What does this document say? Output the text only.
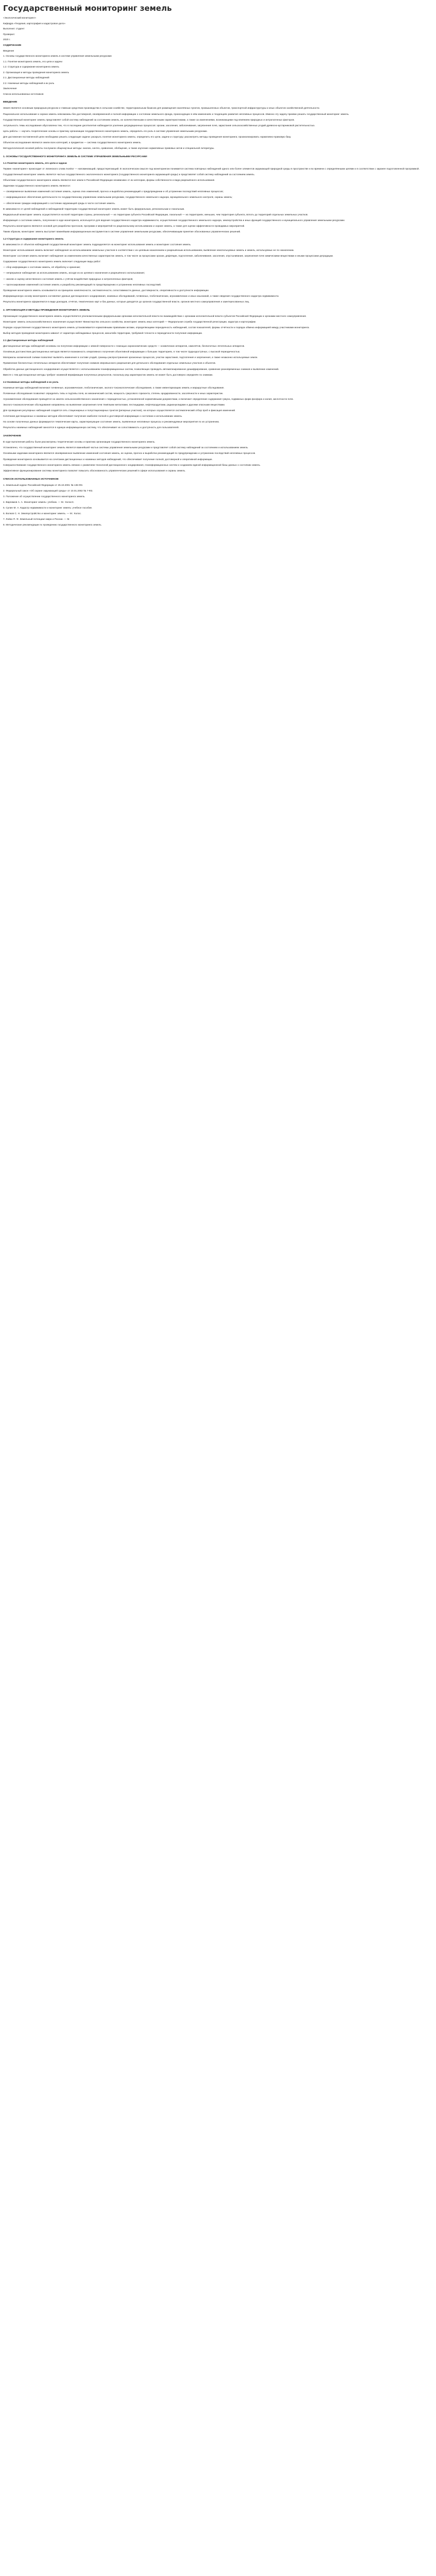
Государственный мониторинг земель

«Экологический мониторинг»

Кафедра «Геодезия, картография и кадастровое дело»

Выполнил: студент

Проверил:

2020 г.

СОДЕРЖАНИЕ

Введение

1. Основы государственного мониторинга земель в системе управления земельными ресурсами

1.1. Понятие мониторинга земель, его цели и задачи

1.2. Структура и содержание мониторинга земель

2. Организация и методы проведения мониторинга земель

2.1. Дистанционные методы наблюдений

2.2. Наземные методы наблюдений и их роль

Заключение

Список использованных источников

ВВЕДЕНИЕ

Земля является основным природным ресурсом и главным средством производства в сельском хозяйстве, территориальным базисом для размещения населённых пунктов, промышленных объектов, транспортной инфраструктуры и иных объектов хозяйственной деятельности.

Рациональное использование и охрана земель невозможны без достоверной, своевременной и полной информации о состоянии земельного фонда, происходящих в нём изменениях и тенденциях развития негативных процессов. Именно эту задачу призван решать государственный мониторинг земель.

Государственный мониторинг земель представляет собой систему наблюдений за состоянием земель, их количественными и качественными характеристиками, а также за изменениями, возникающими под влиянием природных и антропогенных факторов.

Актуальность темы исследования обусловлена тем, что в последние десятилетия наблюдается усиление деградационных процессов: эрозии, засоления, заболачивания, загрязнения почв, зарастания сельскохозяйственных угодий древесно-кустарниковой растительностью.

Цель работы — изучить теоретические основы и практику организации государственного мониторинга земель, определить его роль в системе управления земельными ресурсами.

Для достижения поставленной цели необходимо решить следующие задачи: раскрыть понятие мониторинга земель; определить его цели, задачи и структуру; рассмотреть методы проведения мониторинга; проанализировать нормативно-правовую базу.

Объектом исследования являются земли всех категорий, а предметом — система государственного мониторинга земель.

Методологической основой работы послужили общенаучные методы: анализ, синтез, сравнение, обобщение, а также изучение нормативных правовых актов и специальной литературы.

1. ОСНОВЫ ГОСУДАРСТВЕННОГО МОНИТОРИНГА ЗЕМЕЛЬ В СИСТЕМЕ УПРАВЛЕНИЯ ЗЕМЕЛЬНЫМИ РЕСУРСАМИ
1.1 Понятие мониторинга земель, его цели и задачи

Термин «мониторинг» происходит от латинского слова monitor — напоминающий, предостерегающий. В экологическом смысле под мониторингом понимается система повторных наблюдений одного или более элементов окружающей природной среды в пространстве и во времени с определёнными целями и в соответствии с заранее подготовленной программой.

Государственный мониторинг земель является частью государственного экологического мониторинга (государственного мониторинга окружающей среды) и представляет собой систему наблюдений за состоянием земель.

Объектами государственного мониторинга земель являются все земли в Российской Федерации независимо от их категории, формы собственности и вида разрешённого использования.

Задачами государственного мониторинга земель являются:

— своевременное выявление изменений состояния земель, оценка этих изменений, прогноз и выработка рекомендаций о предупреждении и об устранении последствий негативных процессов;

— информационное обеспечение деятельности по государственному управлению земельными ресурсами, государственного земельного надзора, муниципального земельного контроля, охраны земель;

— обеспечение граждан информацией о состоянии окружающей среды в части состояния земель.

В зависимости от целей наблюдений и наблюдаемой территории государственный мониторинг земель может быть федеральным, региональным и локальным.

Федеральный мониторинг земель осуществляется на всей территории страны, региональный — на территории субъекта Российской Федерации, локальный — на территориях, меньших, чем территория субъекта, вплоть до территорий отдельных земельных участков.

Информация о состоянии земель, полученная в ходе мониторинга, используется для ведения государственного кадастра недвижимости, осуществления государственного земельного надзора, землеустройства и иных функций государственного и муниципального управления земельными ресурсами.

Результаты мониторинга являются основой для разработки прогнозов, программ и мероприятий по рациональному использованию и охране земель, а также для оценки эффективности проводимых мероприятий.

Таким образом, мониторинг земель выступает важнейшим информационным инструментом в системе управления земельными ресурсами, обеспечивающим принятие обоснованных управленческих решений.

1.2 Структура и содержание мониторинга земель

В зависимости от объектов наблюдений государственный мониторинг земель подразделяется на мониторинг использования земель и мониторинг состояния земель.

Мониторинг использования земель включает наблюдения за использованием земельных участков в соответствии с их целевым назначением и разрешённым использованием, выявление неиспользуемых земель и земель, используемых не по назначению.

Мониторинг состояния земель включает наблюдения за изменением качественных характеристик земель, в том числе за процессами эрозии, дефляции, подтопления, заболачивания, засоления, опустынивания, загрязнения почв химическими веществами и иными процессами деградации.

Содержание государственного мониторинга земель включает следующие виды работ:

— сбор информации о состоянии земель, её обработку и хранение;

— непрерывное наблюдение за использованием земель, исходя из их целевого назначения и разрешённого использования;

— анализ и оценку качественного состояния земель с учётом воздействия природных и антропогенных факторов;

— прогнозирование изменений состояния земель и разработку рекомендаций по предотвращению и устранению негативных последствий.

Проведение мониторинга земель основывается на принципах комплексности, систематичности, сопоставимости данных, достоверности, оперативности и доступности информации.

Информационную основу мониторинга составляют данные дистанционного зондирования, наземных обследований, почвенных, геоботанических, агрохимических и иных изысканий, а также сведения государственного кадастра недвижимости.

Результаты мониторинга оформляются в виде докладов, отчётов, тематических карт и баз данных, которые доводятся до органов государственной власти, органов местного самоуправления и заинтересованных лиц.

2. ОРГАНИЗАЦИЯ И МЕТОДЫ ПРОВЕДЕНИЯ МОНИТОРИНГА ЗЕМЕЛЬ

Организация государственного мониторинга земель осуществляется уполномоченными федеральными органами исполнительной власти во взаимодействии с органами исполнительной власти субъектов Российской Федерации и органами местного самоуправления.

Мониторинг земель сельскохозяйственного назначения осуществляет Министерство сельского хозяйства, мониторинг земель иных категорий — Федеральная служба государственной регистрации, кадастра и картографии.

Порядок осуществления государственного мониторинга земель устанавливается нормативными правовыми актами, определяющими периодичность наблюдений, состав показателей, формы отчётности и порядок обмена информацией между участниками мониторинга.

Выбор методов проведения мониторинга зависит от характера наблюдаемых процессов, масштаба территории, требуемой точности и периодичности получения информации.

2.1 Дистанционные методы наблюдений

Дистанционные методы наблюдений основаны на получении информации о земной поверхности с помощью аэрокосмических средств — космических аппаратов, самолётов, беспилотных летательных аппаратов.

Основным достоинством дистанционных методов является возможность оперативного получения объективной информации о больших территориях, в том числе труднодоступных, с высокой периодичностью.

Материалы космической съёмки позволяют выявлять изменения в составе угодий, границы распространения эрозионных процессов, участки зарастания, подтопления и загрязнения, а также незаконно используемые земли.

Применение беспилотных летательных аппаратов обеспечивает получение снимков сверхвысокого разрешения для детального обследования отдельных земельных участков и объектов.

Обработка данных дистанционного зондирования осуществляется с использованием геоинформационных систем, позволяющих проводить автоматизированное дешифрирование, сравнение разновременных снимков и выявление изменений.

Вместе с тем дистанционные методы требуют наземной верификации полученных результатов, поскольку ряд характеристик земель не может быть достоверно определён по снимкам.

2.2 Наземные методы наблюдений и их роль

Наземные методы наблюдений включают почвенные, агрохимические, геоботанические, эколого-токсикологические обследования, а также инвентаризацию земель и маршрутные обследования.

Почвенные обследования позволяют определить типы и подтипы почв, их механический состав, мощность гумусового горизонта, степень эродированности, засолённости и иных характеристик.

Агрохимические обследования проводятся на землях сельскохозяйственного назначения с периодичностью, установленной нормативными документами, и включают определение содержания гумуса, подвижных форм фосфора и калия, кислотности почв.

Эколого-токсикологические обследования направлены на выявление загрязнения почв тяжёлыми металлами, пестицидами, нефтепродуктами, радионуклидами и другими опасными веществами.

Для проведения регулярных наблюдений создаётся сеть стационарных и полустационарных пунктов (реперных участков), на которых осуществляется систематический отбор проб и фиксация изменений.

Сочетание дистанционных и наземных методов обеспечивает получение наиболее полной и достоверной информации о состоянии и использовании земель.

На основе полученных данных формируются тематические карты, характеризующие состояние земель, выявленные негативные процессы и рекомендуемые мероприятия по их устранению.

Результаты наземных наблюдений заносятся в единую информационную систему, что обеспечивает их сопоставимость и доступность для пользователей.

ЗАКЛЮЧЕНИЕ

В ходе выполнения работы были рассмотрены теоретические основы и практика организации государственного мониторинга земель.

Установлено, что государственный мониторинг земель является важнейшей частью системы управления земельными ресурсами и представляет собой систему наблюдений за состоянием и использованием земель.

Основными задачами мониторинга являются своевременное выявление изменений состояния земель, их оценка, прогноз и выработка рекомендаций по предупреждению и устранению последствий негативных процессов.

Проведение мониторинга основывается на сочетании дистанционных и наземных методов наблюдений, что обеспечивает получение полной, достоверной и оперативной информации.

Совершенствование государственного мониторинга земель связано с развитием технологий дистанционного зондирования, геоинформационных систем и созданием единой информационной базы данных о состоянии земель.

Эффективное функционирование системы мониторинга позволит повысить обоснованность управленческих решений в сфере использования и охраны земель.

СПИСОК ИСПОЛЬЗОВАННЫХ ИСТОЧНИКОВ

1. Земельный кодекс Российской Федерации от 25.10.2001 № 136-ФЗ.

2. Федеральный закон «Об охране окружающей среды» от 10.01.2002 № 7-ФЗ.

3. Положение об осуществлении государственного мониторинга земель.

4. Варламов А. А. Мониторинг земель: учебник. — М.: КолосС.

5. Сулин М. А. Кадастр недвижимости и мониторинг земель: учебное пособие.

6. Волков С. Н. Землеустройство и мониторинг земель. — М.: Колос.

7. Лойко П. Ф. Земельный потенциал мира и России. — М.

8. Методические рекомендации по проведению государственного мониторинга земель.
